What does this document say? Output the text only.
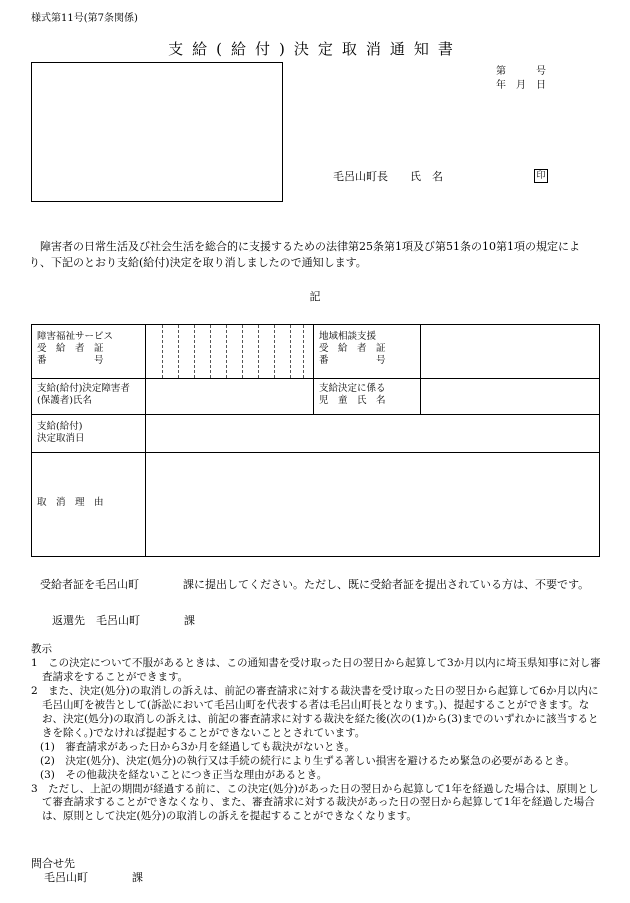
様式第11号(第7条関係)
支給(給付)決定取消通知書
第　　　号
年　月　日
毛呂山町長　　氏　名	印
障害者の日常生活及び社会生活を総合的に支援するための法律第25条第1項及び第51条の10第1項の規定により、下記のとおり支給(給付)決定を取り消しましたので通知します。
記
障害福祉サービス
受　給　者　証
番　　　　　号
地域相談支援
受　給　者　証
番　　　　　号
支給(給付)決定障害者
(保護者)氏名
支給決定に係る
児　童　氏　名
支給(給付)
決定取消日
取　消　理　由
受給者証を毛呂山町　　　　課に提出してください。ただし、既に受給者証を提出されている方は、不要です。
返還先　毛呂山町　　　　課

教示

1　この決定について不服があるときは、この通知書を受け取った日の翌日から起算して3か月以内に埼玉県知事に対し審査請求をすることができます。

2　また、決定(処分)の取消しの訴えは、前記の審査請求に対する裁決書を受け取った日の翌日から起算して6か月以内に毛呂山町を被告として(訴訟において毛呂山町を代表する者は毛呂山町長となります。)、提起することができます。なお、決定(処分)の取消しの訴えは、前記の審査請求に対する裁決を経た後(次の(1)から(3)までのいずれかに該当するときを除く。)でなければ提起することができないこととされています。

(1)　審査請求があった日から3か月を経過しても裁決がないとき。

(2)　決定(処分)、決定(処分)の執行又は手続の続行により生ずる著しい損害を避けるため緊急の必要があるとき。

(3)　その他裁決を経ないことにつき正当な理由があるとき。

3　ただし、上記の期間が経過する前に、この決定(処分)があった日の翌日から起算して1年を経過した場合は、原則として審査請求することができなくなり、また、審査請求に対する裁決があった日の翌日から起算して1年を経過した場合は、原則として決定(処分)の取消しの訴えを提起することができなくなります。

問合せ先
毛呂山町　　　　課
